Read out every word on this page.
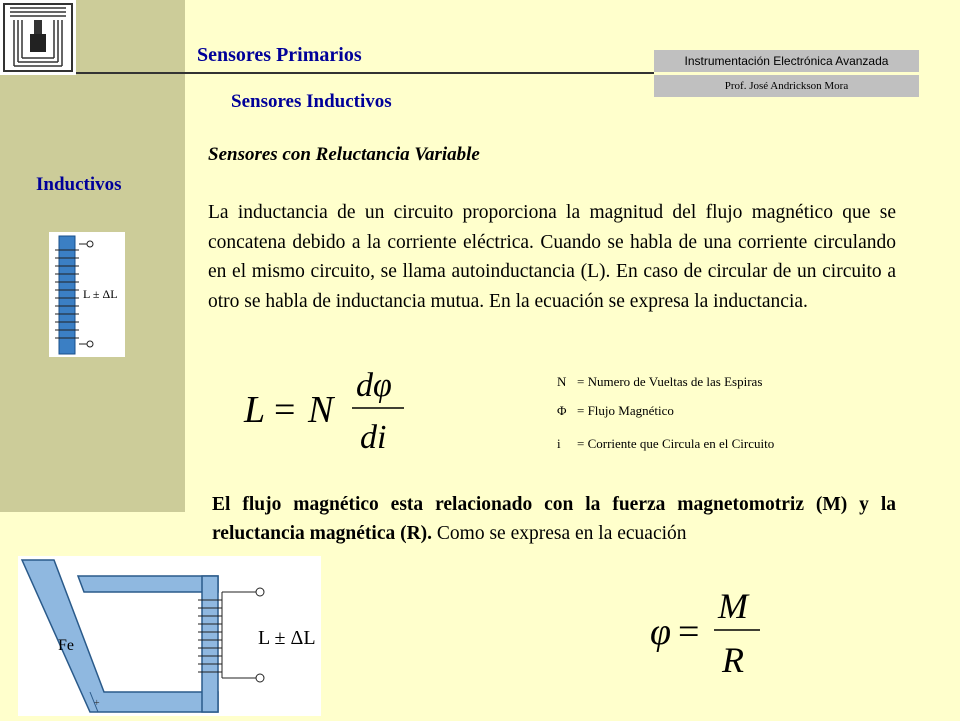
Sensores Primarios
Sensores Inductivos
Instrumentación Electrónica Avanzada
Prof. José Andrickson Mora
Inductivos
L ± ΔL
Sensores con Reluctancia Variable
La inductancia de un circuito proporciona la magnitud del flujo magnético que se concatena debido a la corriente eléctrica. Cuando se habla de una corriente circulando en el mismo circuito, se llama autoinductancia (L). En caso de circular de un circuito a otro se habla de inductancia mutua. En la ecuación se expresa la inductancia.
L = N
dφ
di
N = Numero de Vueltas de las Espiras
Φ = Flujo Magnético
i	= Corriente que Circula en el Circuito
El flujo magnético esta relacionado con la fuerza magnetomotriz (M) y la reluctancia magnética (R). Como se expresa en la ecuación
+
Fe	L ± ΔL	φ =
M
R
